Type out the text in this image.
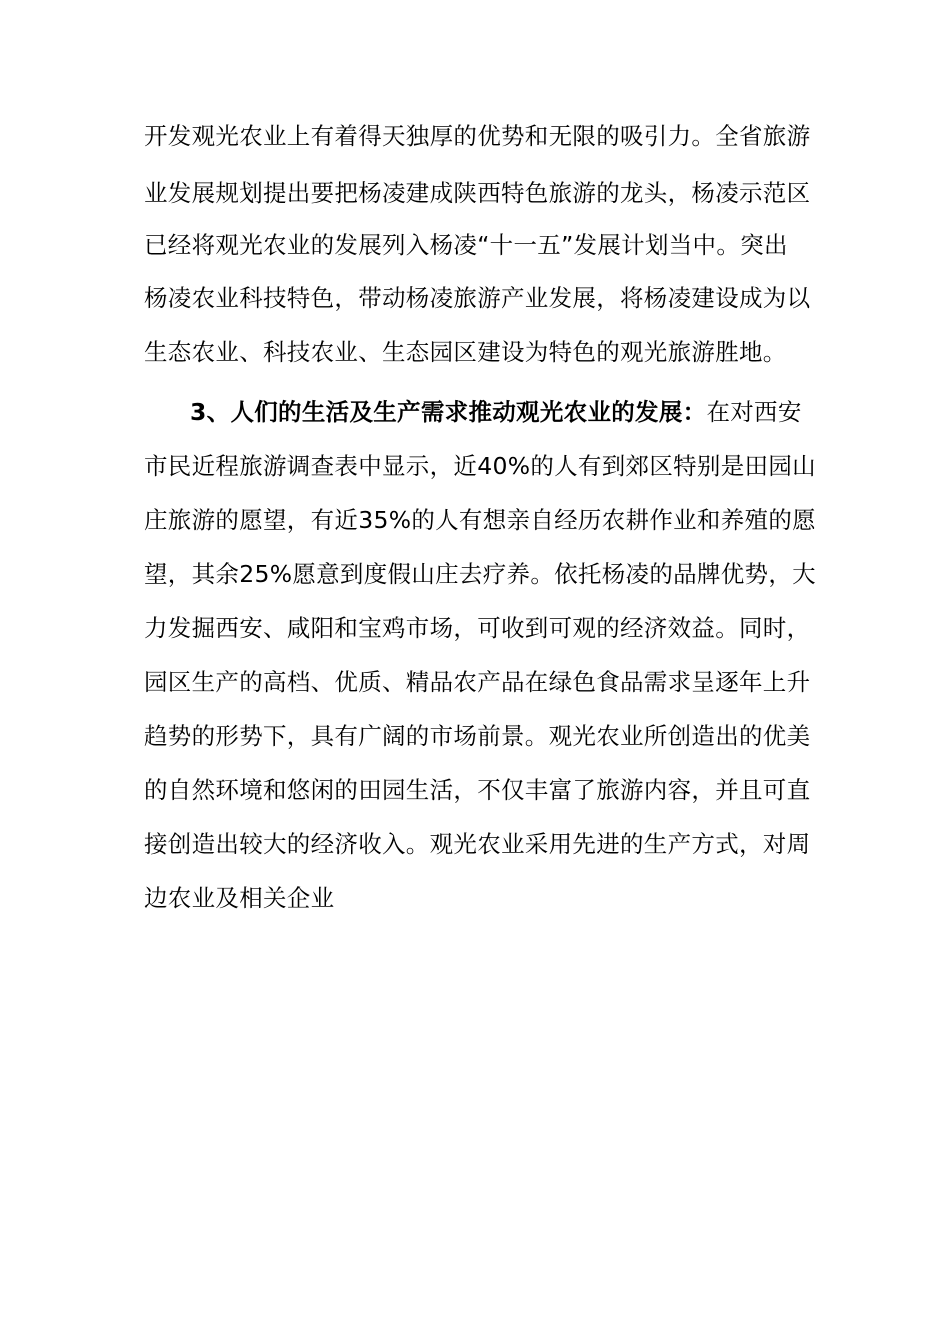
开发观光农业上有着得天独厚的优势和无限的吸引力。全省旅游
业发展规划提出要把杨凌建成陕西特色旅游的龙头，杨凌示范区
已经将观光农业的发展列入杨凌“十一五”发展计划当中。突出
杨凌农业科技特色，带动杨凌旅游产业发展，将杨凌建设成为以
生态农业、科技农业、生态园区建设为特色的观光旅游胜地。
3、人们的生活及生产需求推动观光农业的发展：在对西安
市民近程旅游调查表中显示，近40%的人有到郊区特别是田园山
庄旅游的愿望，有近35%的人有想亲自经历农耕作业和养殖的愿
望，其余25%愿意到度假山庄去疗养。依托杨凌的品牌优势，大
力发掘西安、咸阳和宝鸡市场，可收到可观的经济效益。同时，
园区生产的高档、优质、精品农产品在绿色食品需求呈逐年上升
趋势的形势下，具有广阔的市场前景。观光农业所创造出的优美
的自然环境和悠闲的田园生活，不仅丰富了旅游内容，并且可直
接创造出较大的经济收入。观光农业采用先进的生产方式，对周
边农业及相关企业
